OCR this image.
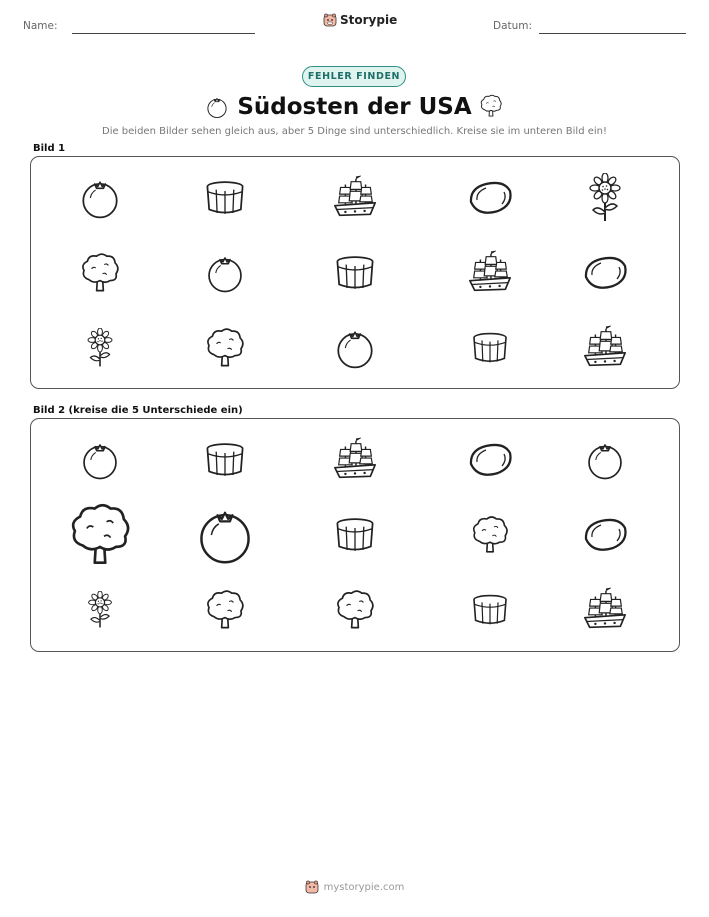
Name:	Storypie	Datum:
FEHLER FINDEN
Südosten der USA
Die beiden Bilder sehen gleich aus, aber 5 Dinge sind unterschiedlich. Kreise sie im unteren Bild ein!
Bild 1
Bild 2 (kreise die 5 Unterschiede ein)
mystorypie.com
